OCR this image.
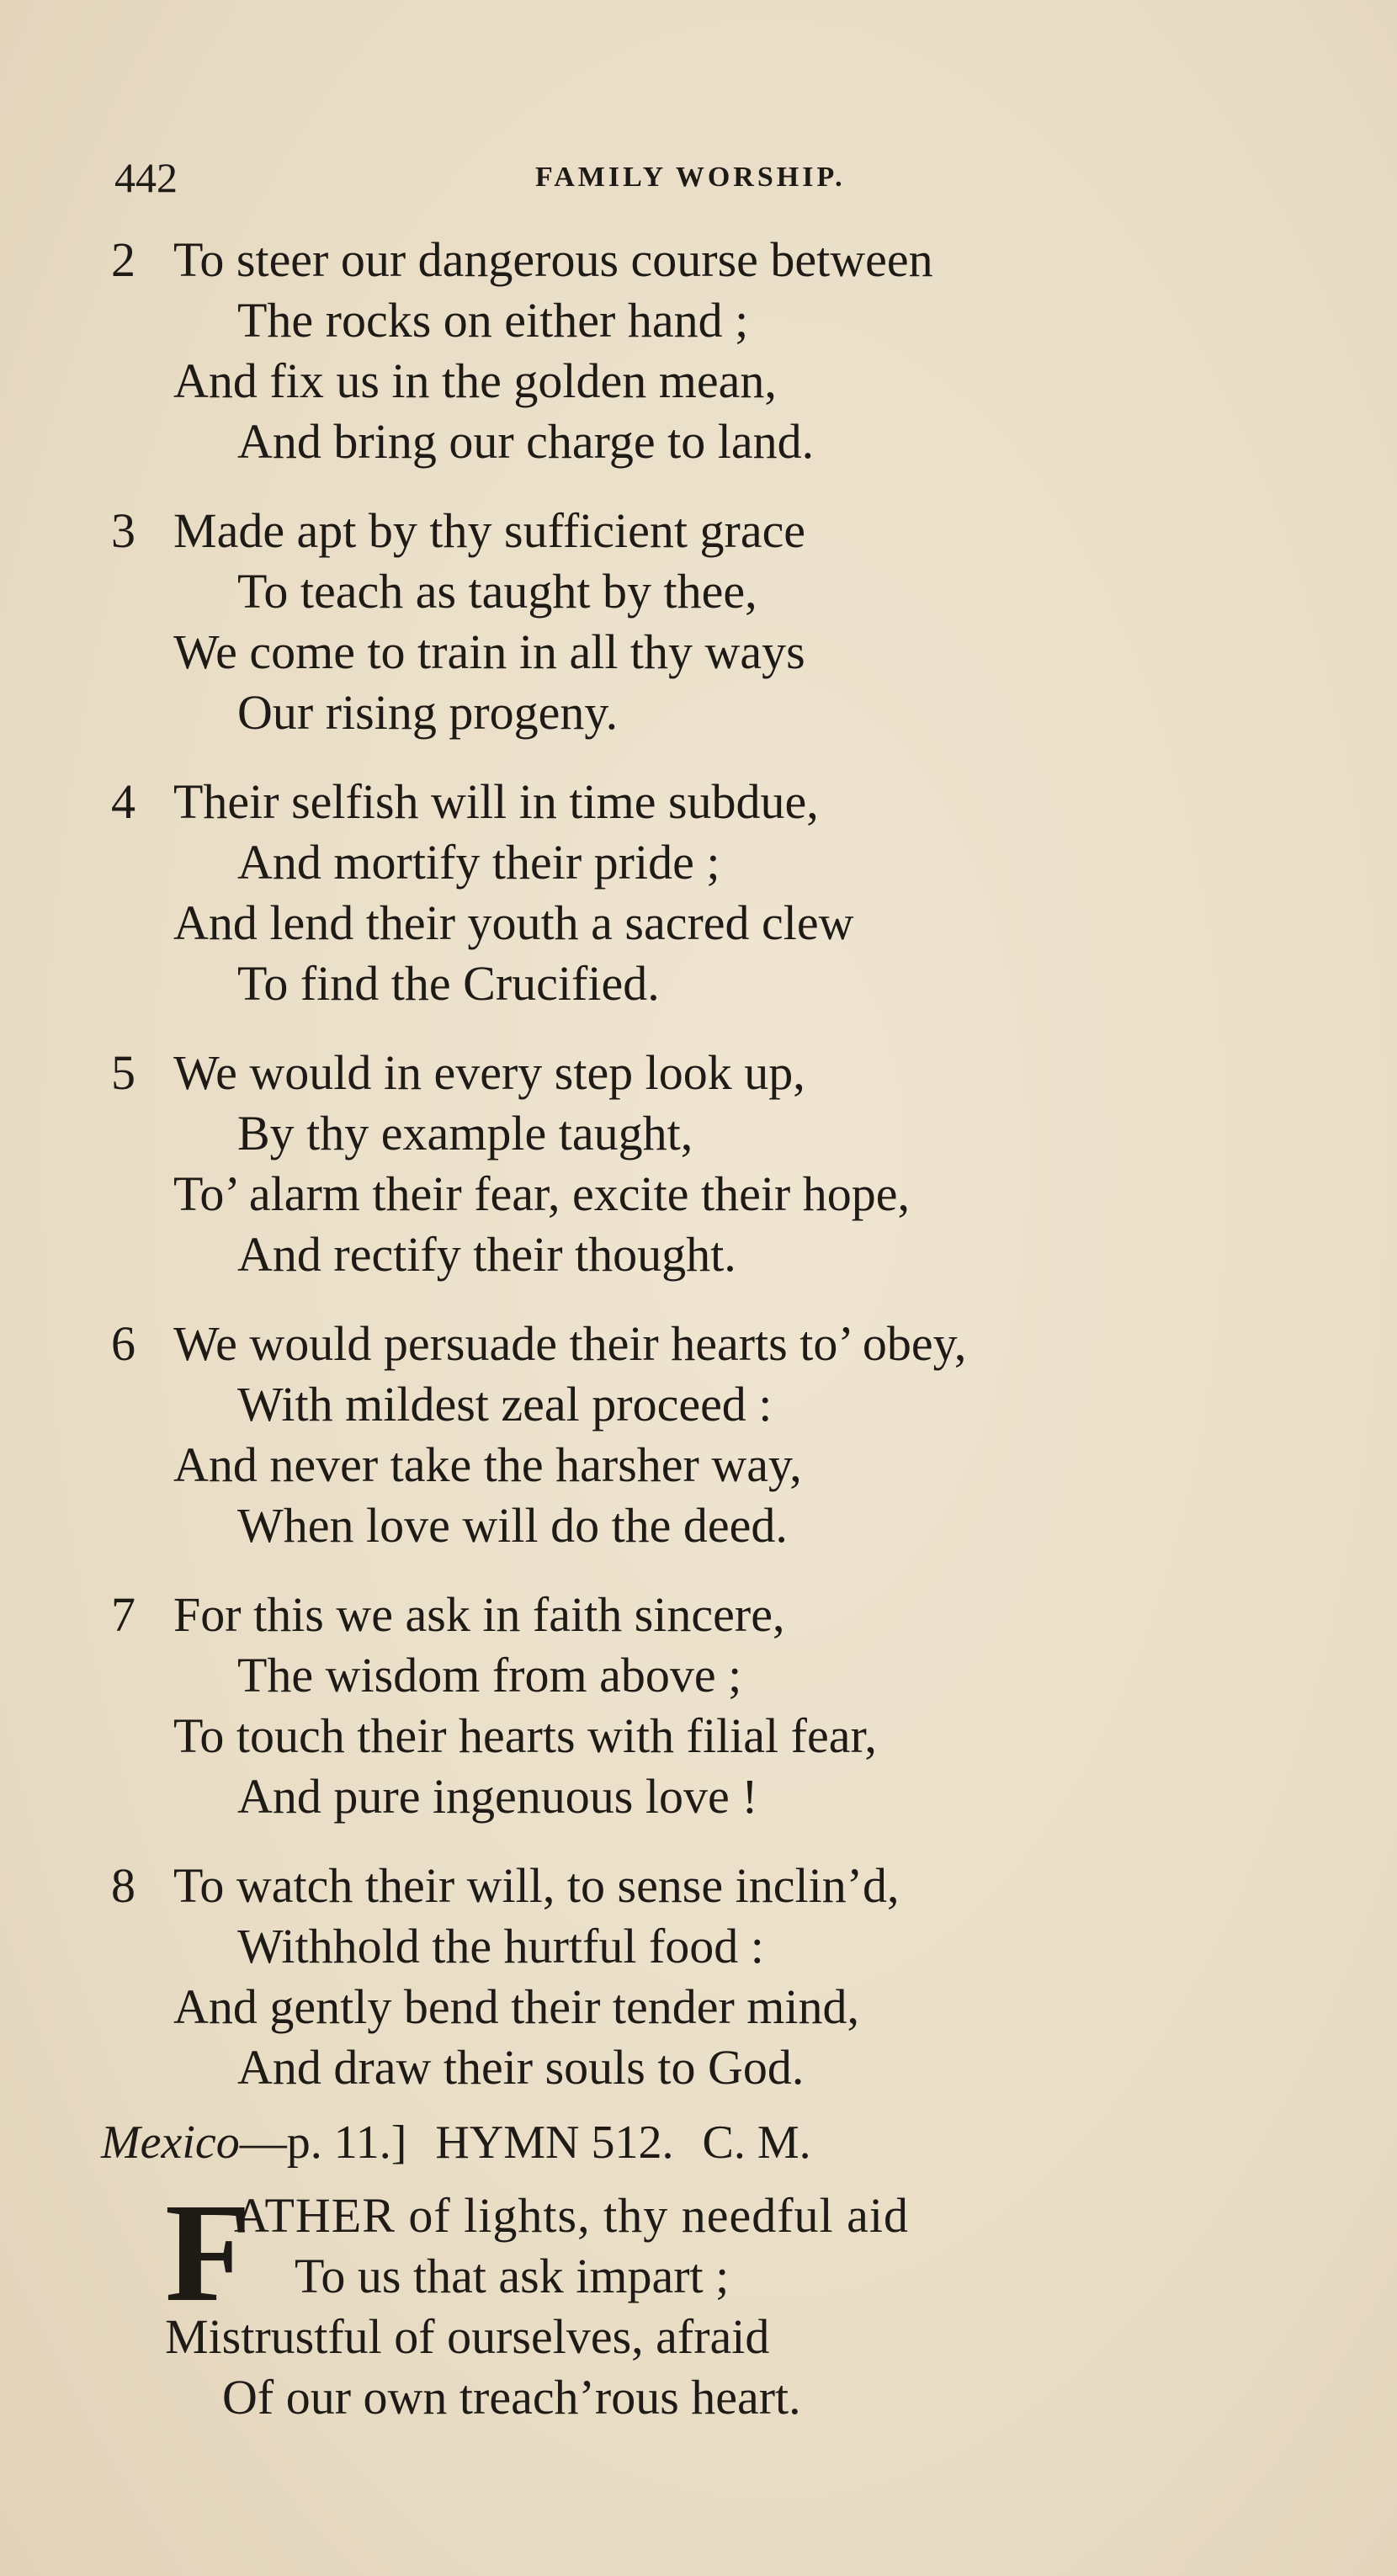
442	FAMILY WORSHIP.
2 To steer our dangerous course between
The rocks on either hand ;
And fix us in the golden mean,
And bring our charge to land.
3 Made apt by thy sufficient grace
To teach as taught by thee,
We come to train in all thy ways
Our rising progeny.
4 Their selfish will in time subdue,
And mortify their pride ;
And lend their youth a sacred clew
To find the Crucified.
5 We would in every step look up,
By thy example taught,
To’ alarm their fear, excite their hope,
And rectify their thought.
6 We would persuade their hearts to’ obey,
With mildest zeal proceed :
And never take the harsher way,
When love will do the deed.
7 For this we ask in faith sincere,
The wisdom from above ;
To touch their hearts with filial fear,
And pure ingenuous love !
8 To watch their will, to sense inclin’d,
Withhold the hurtful food :
And gently bend their tender mind,
And draw their souls to God.
Mexico—p. 11.] HYMN 512. C. M.
F
ATHER of lights, thy needful aid
To us that ask impart ;
Mistrustful of ourselves, afraid
Of our own treach’rous heart.
